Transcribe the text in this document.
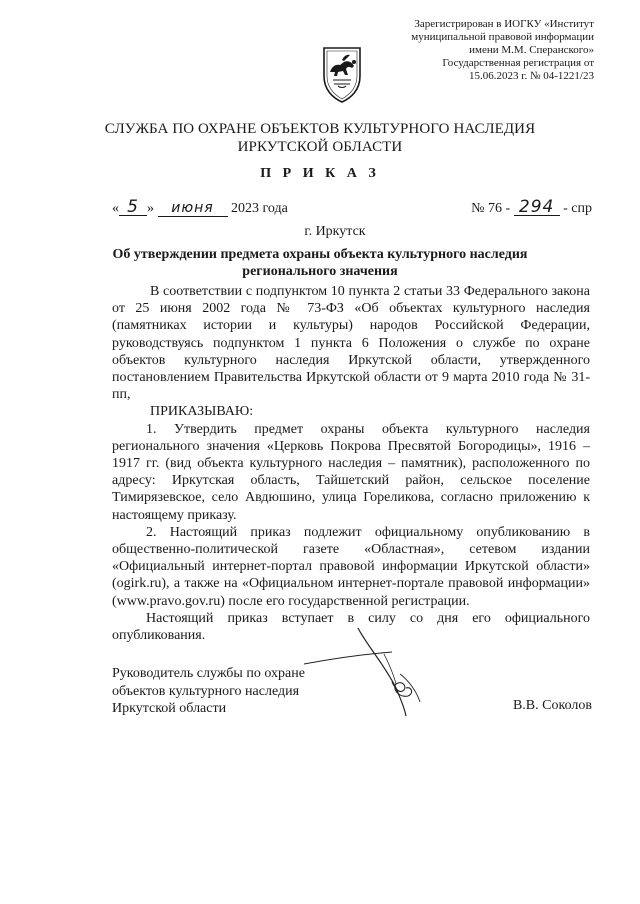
Зарегистрирован в ИОГКУ «Институт
муниципальной правовой информации
имени М.М. Сперанского»
Государственная регистрация от
15.06.2023 г. № 04-1221/23
СЛУЖБА ПО ОХРАНЕ ОБЪЕКТОВ КУЛЬТУРНОГО НАСЛЕДИЯ
ИРКУТСКОЙ ОБЛАСТИ
П Р И К А З
« 5 » июня 2023 года	№ 76 - 294 - спр
г. Иркутск
Об утверждении предмета охраны объекта культурного наследия
регионального значения

В соответствии с подпунктом 10 пункта 2 статьи 33 Федерального закона от 25 июня 2002 года № 73-ФЗ «Об объектах культурного наследия (памятниках истории и культуры) народов Российской Федерации, руководствуясь подпунктом 1 пункта 6 Положения о службе по охране объектов культурного наследия Иркутской области, утвержденного постановлением Правительства Иркутской области от 9 марта 2010 года № 31-пп,

ПРИКАЗЫВАЮ:

1. Утвердить предмет охраны объекта культурного наследия регионального значения «Церковь Покрова Пресвятой Богородицы», 1916 – 1917 гг. (вид объекта культурного наследия – памятник), расположенного по адресу: Иркутская область, Тайшетский район, сельское поселение Тимирязевское, село Авдюшино, улица Гореликова, согласно приложению к настоящему приказу.

2. Настоящий приказ подлежит официальному опубликованию в общественно-политической газете «Областная», сетевом издании «Официальный интернет-портал правовой информации Иркутской области» (ogirk.ru), а также на «Официальном интернет-портале правовой информации» (www.pravo.gov.ru) после его государственной регистрации.

Настоящий приказ вступает в силу со дня его официального опубликования.

Руководитель службы по охране
объектов культурного наследия
Иркутской области	В.В. Соколов
